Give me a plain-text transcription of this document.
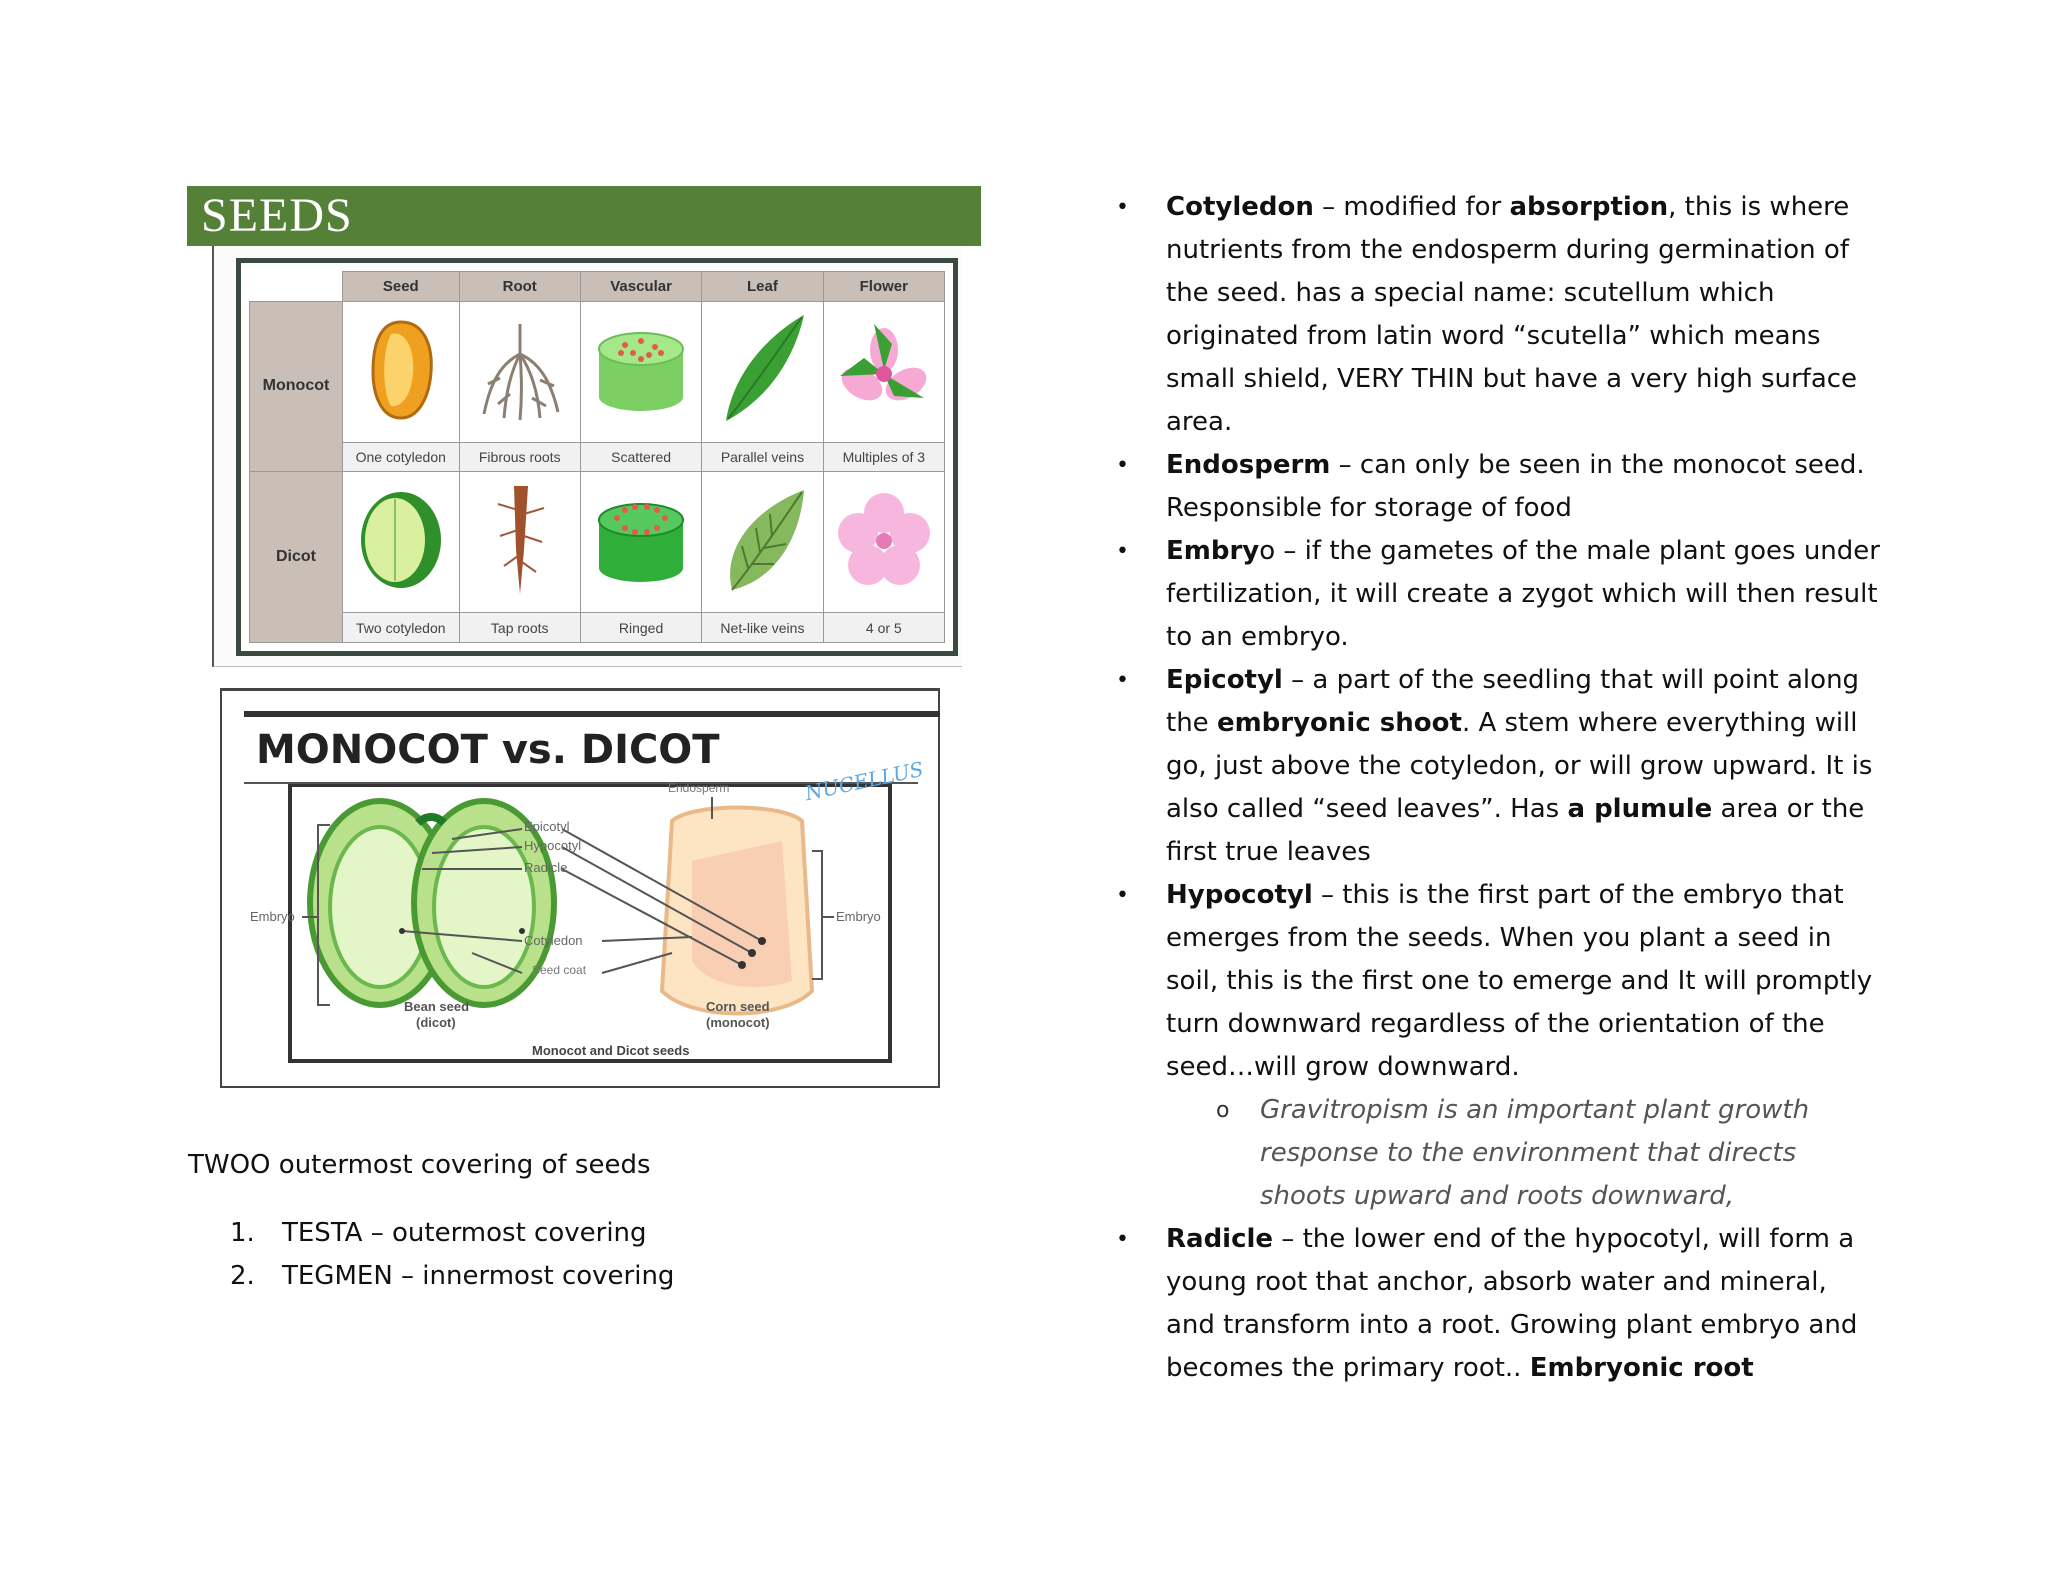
SEEDS
	Seed	Root	Vascular	Leaf	Flower
Monocot					
	One cotyledon	Fibrous roots	Scattered	Parallel veins	Multiples of 3
Dicot					
	Two cotyledon	Tap roots	Ringed	Net-like veins	4 or 5
MONOCOT vs. DICOT
Endosperm
Epicotyl
Hypocotyl
Radicle
Cotyledon
Seed coat
Embryo	Embryo
Bean seed
(dicot)
Corn seed
(monocot)
Monocot and Dicot seeds
NUCELLUS
TWOO outermost covering of seeds
1. TESTA – outermost covering
2. TEGMEN – innermost covering

• Cotyledon – modified for absorption, this is where nutrients from the endosperm during germination of the seed. has a special name: scutellum which originated from latin word “scutella” which means small shield, VERY THIN but have a very high surface area.

• Endosperm – can only be seen in the monocot seed. Responsible for storage of food

• Embryo – if the gametes of the male plant goes under fertilization, it will create a zygot which will then result to an embryo.

• Epicotyl – a part of the seedling that will point along the embryonic shoot. A stem where everything will go, just above the cotyledon, or will grow upward. It is also called “seed leaves”. Has a plumule area or the first true leaves

• Hypocotyl – this is the first part of the embryo that emerges from the seeds. When you plant a seed in soil, this is the first one to emerge and It will promptly turn downward regardless of the orientation of the seed…will grow downward.

o Gravitropism is an important plant growth response to the environment that directs shoots upward and roots downward,

• Radicle – the lower end of the hypocotyl, will form a young root that anchor, absorb water and mineral, and transform into a root. Growing plant embryo and becomes the primary root.. Embryonic root
